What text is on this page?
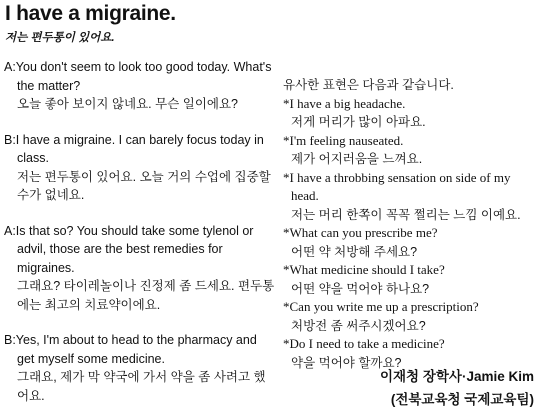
I have a migraine.
저는 편두통이 있어요.
A:You don't seem to look too good today. What's the matter?
오늘 좋아 보이지 않네요. 무슨 일이에요?
B:I have a migraine. I can barely focus today in class.
저는 편두통이 있어요. 오늘 거의 수업에 집중할 수가 없네요.
A:Is that so? You should take some tylenol or advil, those are the best remedies for migraines.
그래요? 타이레놀이나 진정제 좀 드세요. 편두통에는 최고의 치료약이에요.
B:Yes, I'm about to head to the pharmacy and get myself some medicine.
그래요, 제가 막 약국에 가서 약을 좀 사려고 했어요.

유사한 표현은 다음과 같습니다.

*I have a big headache.
저게 머리가 많이 아파요.
*I'm feeling nauseated.
제가 어지러움을 느껴요.
*I have a throbbing sensation on side of my head.
저는 머리 한쪽이 꼭꼭 쩔리는 느낌 이예요.
*What can you prescribe me?
어떤 약 처방해 주세요?
*What medicine should I take?
어떤 약을 먹어야 하나요?
*Can you write me up a prescription?
처방전 좀 써주시겠어요?
*Do I need to take a medicine?
약을 먹어야 할까요?
이재청 장학사·Jamie Kim
(전북교육청 국제교육팀)
